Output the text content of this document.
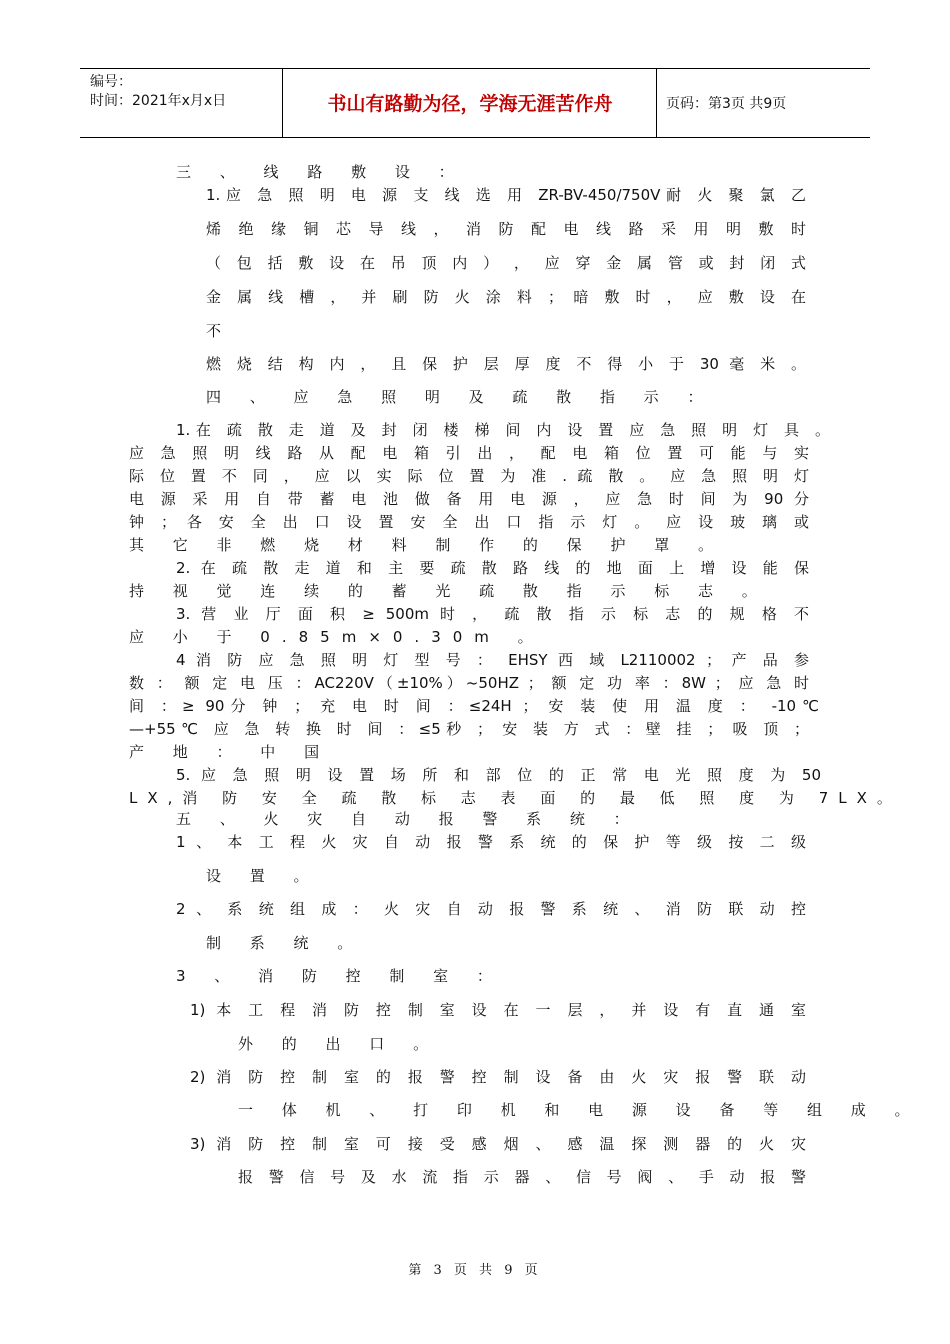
编号：
时间：2021年x月x日	书山有路勤为径，学海无涯苦作舟	页码：第3页 共9页
三 、 线 路 敷 设 ：
1.应 急 照 明 电 源 支 线 选 用 ZR-BV-450/750V耐 火 聚 氯 乙
烯 绝 缘 铜 芯 导 线 ， 消 防 配 电 线 路 采 用 明 敷 时
（ 包 括 敷 设 在 吊 顶 内 ） ， 应 穿 金 属 管 或 封 闭 式
金 属 线 槽 ， 并 刷 防 火 涂 料 ； 暗 敷 时 ， 应 敷 设 在
不
燃 烧 结 构 内 ， 且 保 护 层 厚 度 不 得 小 于 30 毫 米 。
四 、 应 急 照 明 及 疏 散 指 示 ：
1.在 疏 散 走 道 及 封 闭 楼 梯 间 内 设 置 应 急 照 明 灯 具 。
应 急 照 明 线 路 从 配 电 箱 引 出 ， 配 电 箱 位 置 可 能 与 实
际 位 置 不 同 ， 应 以 实 际 位 置 为 准 . 疏 散 。 应 急 照 明 灯
电 源 采 用 自 带 蓄 电 池 做 备 用 电 源 ， 应 急 时 间 为 90 分
钟 ； 各 安 全 出 口 设 置 安 全 出 口 指 示 灯 。 应 设 玻 璃 或
其 它 非 燃 烧 材 料 制 作 的 保 护 罩 。
2. 在 疏 散 走 道 和 主 要 疏 散 路 线 的 地 面 上 增 设 能 保
持 视 觉 连 续 的 蓄 光 疏 散 指 示 标 志 。
3. 营 业 厅 面 积 ≥ 500m 时 ， 疏 散 指 示 标 志 的 规 格 不
应 小 于 0.85m×0.30m 。
4 消 防 应 急 照 明 灯 型 号 ： EHSY 西 域 L2110002 ； 产 品 参
数 ： 额 定 电 压 ：AC220V（±10%）~50HZ ； 额 定 功 率 ：8W ； 应 急 时
间 ：≥ 90分 钟 ； 充 电 时 间 ：≤24H ； 安 装 使 用 温 度 ： -10℃
—+55℃ 应 急 转 换 时 间 ：≤5秒 ； 安 装 方 式 ：壁 挂 ； 吸 顶 ；
产 地 ： 中 国
5. 应 急 照 明 设 置 场 所 和 部 位 的 正 常 电 光 照 度 为 50
LX,消 防 安 全 疏 散 标 志 表 面 的 最 低 照 度 为 7LX。
五 、 火 灾 自 动 报 警 系 统 ：
1 、 本 工 程 火 灾 自 动 报 警 系 统 的 保 护 等 级 按 二 级
设 置 。
2 、 系 统 组 成 ： 火 灾 自 动 报 警 系 统 、 消 防 联 动 控
制 系 统 。
3 、 消 防 控 制 室 ：
1) 本 工 程 消 防 控 制 室 设 在 一 层 ， 并 设 有 直 通 室
外 的 出 口 。
2) 消 防 控 制 室 的 报 警 控 制 设 备 由 火 灾 报 警 联 动
一 体 机 、 打 印 机 和 电 源 设 备 等 组 成 。
3) 消 防 控 制 室 可 接 受 感 烟 、 感 温 探 测 器 的 火 灾
报 警 信 号 及 水 流 指 示 器 、 信 号 阀 、 手 动 报 警
第 3 页 共 9 页
